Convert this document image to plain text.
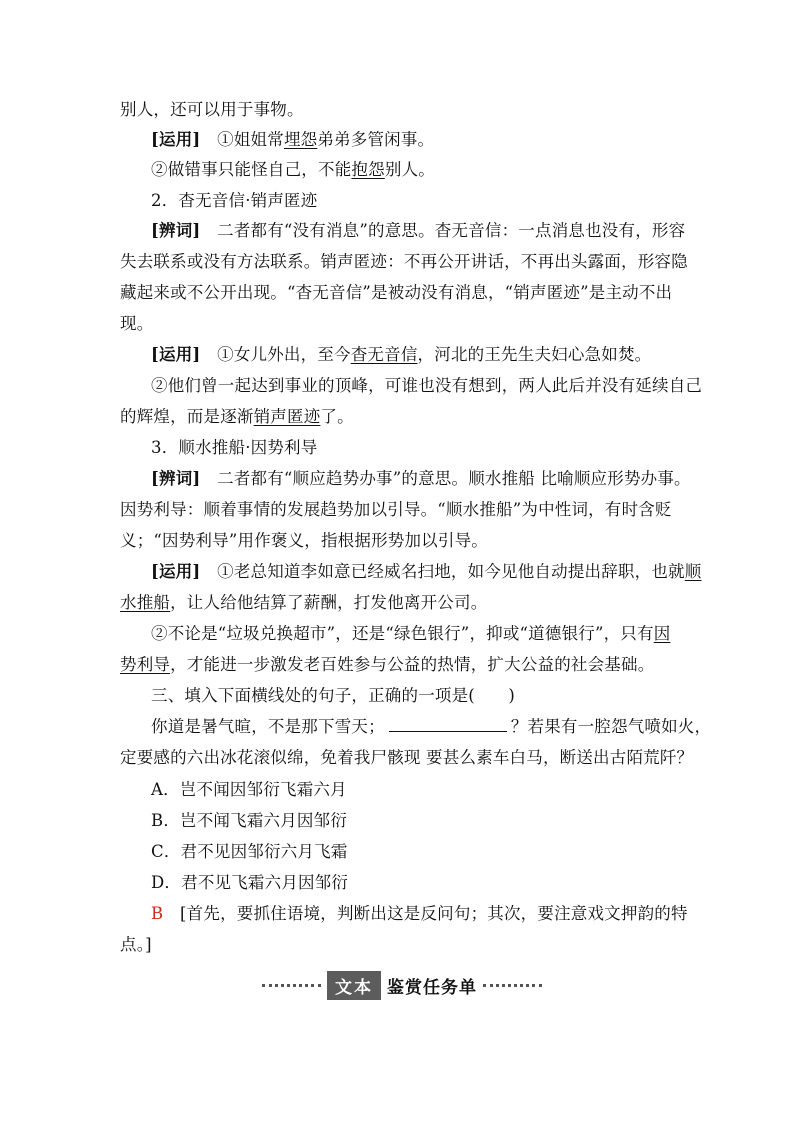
别人，还可以用于事物。
[运用]　 ①姐姐常埋怨弟弟多管闲事。
②做错事只能怪自己，不能抱怨别人。
2．杳无音信·销声匿迹
[辨词]　 二者都有“没有消息”的意思。杳无音信：一点消息也没有，形容
失去联系或没有方法联系。销声匿迹：不再公开讲话，不再出头露面，形容隐
藏起来或不公开出现。“杳无音信”是被动没有消息，“销声匿迹”是主动不出
现。
[运用]　 ①女儿外出，至今杳无音信，河北的王先生夫妇心急如焚。
②他们曾一起达到事业的顶峰，可谁也没有想到，两人此后并没有延续自己
的辉煌，而是逐渐销声匿迹了。
3．顺水推船·因势利导
[辨词]　 二者都有“顺应趋势办事”的意思。顺水推船 比喻顺应形势办事。
因势利导：顺着事情的发展趋势加以引导。“顺水推船”为中性词，有时含贬
义；“因势利导”用作褒义，指根据形势加以引导。
[运用]　 ①老总知道李如意已经威名扫地，如今见他自动提出辞职，也就顺
水推船，让人给他结算了薪酬，打发他离开公司。
②不论是“垃圾兑换超市”，还是“绿色银行”，抑或“道德银行”，只有因
势利导，才能进一步激发老百姓参与公益的热情，扩大公益的社会基础。
三、填入下面横线处的句子，正确的一项是(　　)
你道是暑气暄，不是那下雪天；	？若果有一腔怨气喷如火，
定要感的六出冰花滚似绵，免着我尸骸现 要甚么素车白马，断送出古陌荒阡？
A．岂不闻因邹衍飞霜六月
B．岂不闻飞霜六月因邹衍
C．君不见因邹衍六月飞霜
D．君不见飞霜六月因邹衍
B　 [首先，要抓住语境，判断出这是反问句；其次，要注意戏文押韵的特
点。]
文本 鉴赏任务单
